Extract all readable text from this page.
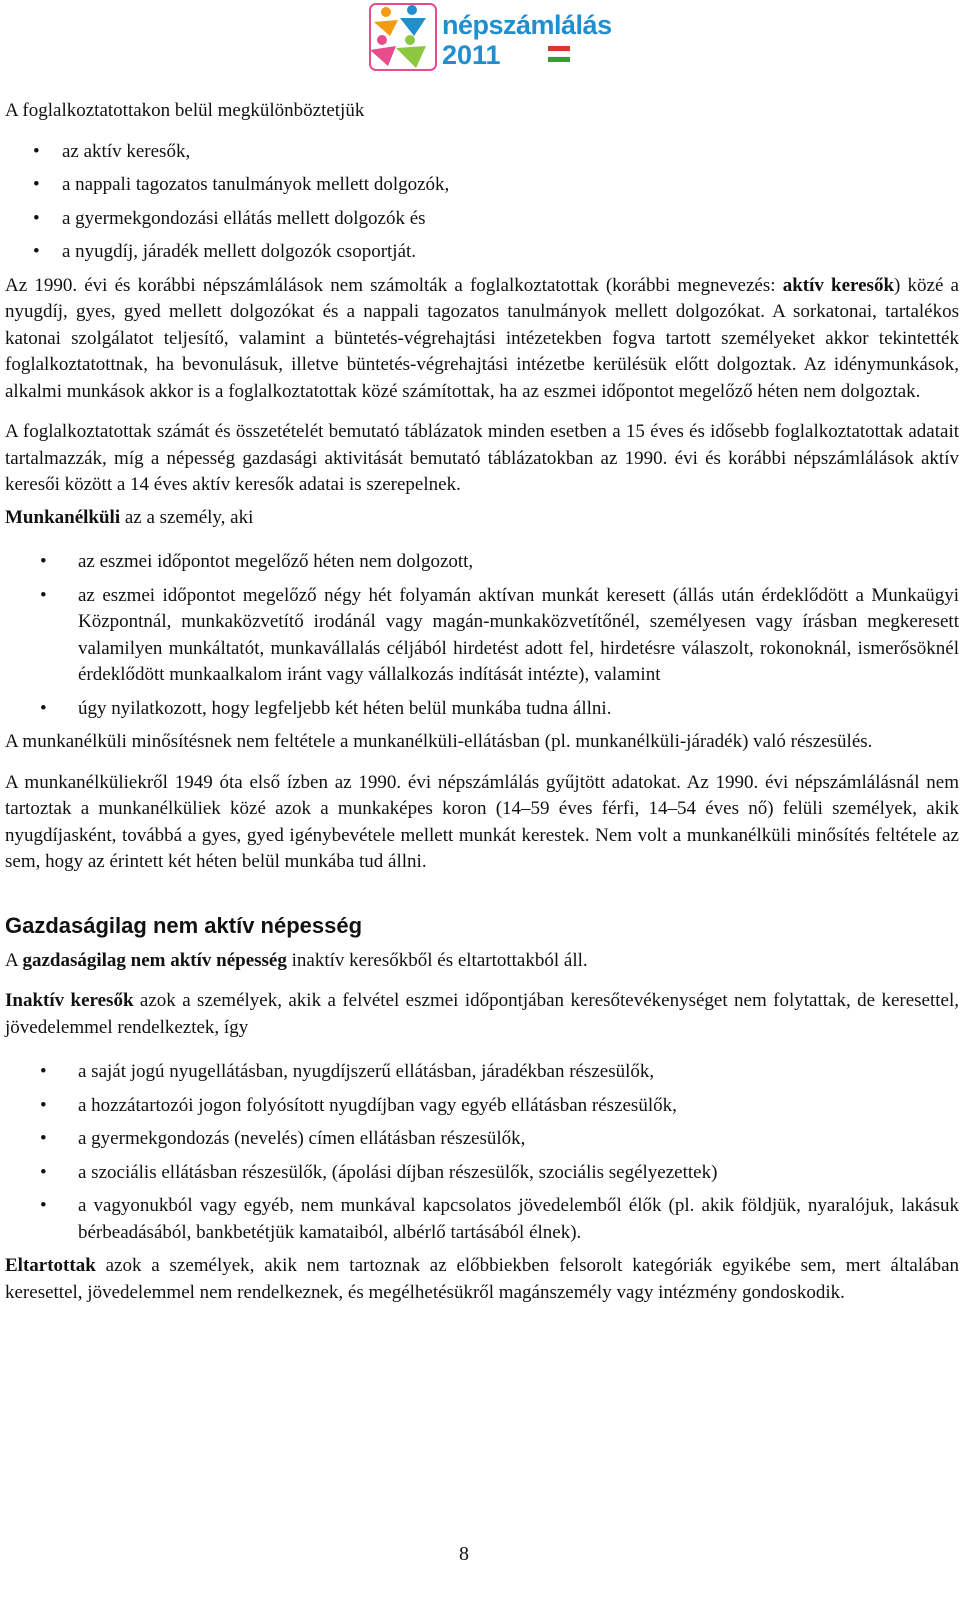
népszámlálás
2011

A foglalkoztatottakon belül megkülönböztetjük

• az aktív keresők,
• a nappali tagozatos tanulmányok mellett dolgozók,
• a gyermekgondozási ellátás mellett dolgozók és
• a nyugdíj, járadék mellett dolgozók csoportját.

Az 1990. évi és korábbi népszámlálások nem számolták a foglalkoztatottak (korábbi megnevezés: aktív keresők) közé a nyugdíj, gyes, gyed mellett dolgozókat és a nappali tagozatos tanulmányok mellett dolgozókat. A sorkatonai, tartalékos katonai szolgálatot teljesítő, valamint a büntetés-végrehajtási intézetekben fogva tartott személyeket akkor tekintették foglalkoztatottnak, ha bevonulásuk, illetve büntetés-végrehajtási intézetbe kerülésük előtt dolgoztak. Az idénymunkások, alkalmi munkások akkor is a foglalkoztatottak közé számítottak, ha az eszmei időpontot megelőző héten nem dolgoztak.

A foglalkoztatottak számát és összetételét bemutató táblázatok minden esetben a 15 éves és idősebb foglalkoztatottak adatait tartalmazzák, míg a népesség gazdasági aktivitását bemutató táblázatokban az 1990. évi és korábbi népszámlálások aktív keresői között a 14 éves aktív keresők adatai is szerepelnek.

Munkanélküli az a személy, aki

• az eszmei időpontot megelőző héten nem dolgozott,
• az eszmei időpontot megelőző négy hét folyamán aktívan munkát keresett (állás után érdeklődött a Munkaügyi Központnál, munkaközvetítő irodánál vagy magán-munkaközvetítőnél, személyesen vagy írásban megkeresett valamilyen munkáltatót, munkavállalás céljából hirdetést adott fel, hirdetésre válaszolt, rokonoknál, ismerősöknél érdeklődött munkaalkalom iránt vagy vállalkozás indítását intézte), valamint
• úgy nyilatkozott, hogy legfeljebb két héten belül munkába tudna állni.

A munkanélküli minősítésnek nem feltétele a munkanélküli-ellátásban (pl. munkanélküli-járadék) való részesülés.

A munkanélküliekről 1949 óta első ízben az 1990. évi népszámlálás gyűjtött adatokat. Az 1990. évi népszámlálásnál nem tartoztak a munkanélküliek közé azok a munkaképes koron (14–59 éves férfi, 14–54 éves nő) felüli személyek, akik nyugdíjasként, továbbá a gyes, gyed igénybevétele mellett munkát kerestek. Nem volt a munkanélküli minősítés feltétele az sem, hogy az érintett két héten belül munkába tud állni.

Gazdaságilag nem aktív népesség

A gazdaságilag nem aktív népesség inaktív keresőkből és eltartottakból áll.

Inaktív keresők azok a személyek, akik a felvétel eszmei időpontjában keresőtevékenységet nem folytattak, de keresettel, jövedelemmel rendelkeztek, így

• a saját jogú nyugellátásban, nyugdíjszerű ellátásban, járadékban részesülők,
• a hozzátartozói jogon folyósított nyugdíjban vagy egyéb ellátásban részesülők,
• a gyermekgondozás (nevelés) címen ellátásban részesülők,
• a szociális ellátásban részesülők, (ápolási díjban részesülők, szociális segélyezettek)
• a vagyonukból vagy egyéb, nem munkával kapcsolatos jövedelemből élők (pl. akik földjük, nyaralójuk, lakásuk bérbeadásából, bankbetétjük kamataiból, albérlő tartásából élnek).

Eltartottak azok a személyek, akik nem tartoznak az előbbiekben felsorolt kategóriák egyikébe sem, mert általában keresettel, jövedelemmel nem rendelkeznek, és megélhetésükről magánszemély vagy intézmény gondoskodik.

8
